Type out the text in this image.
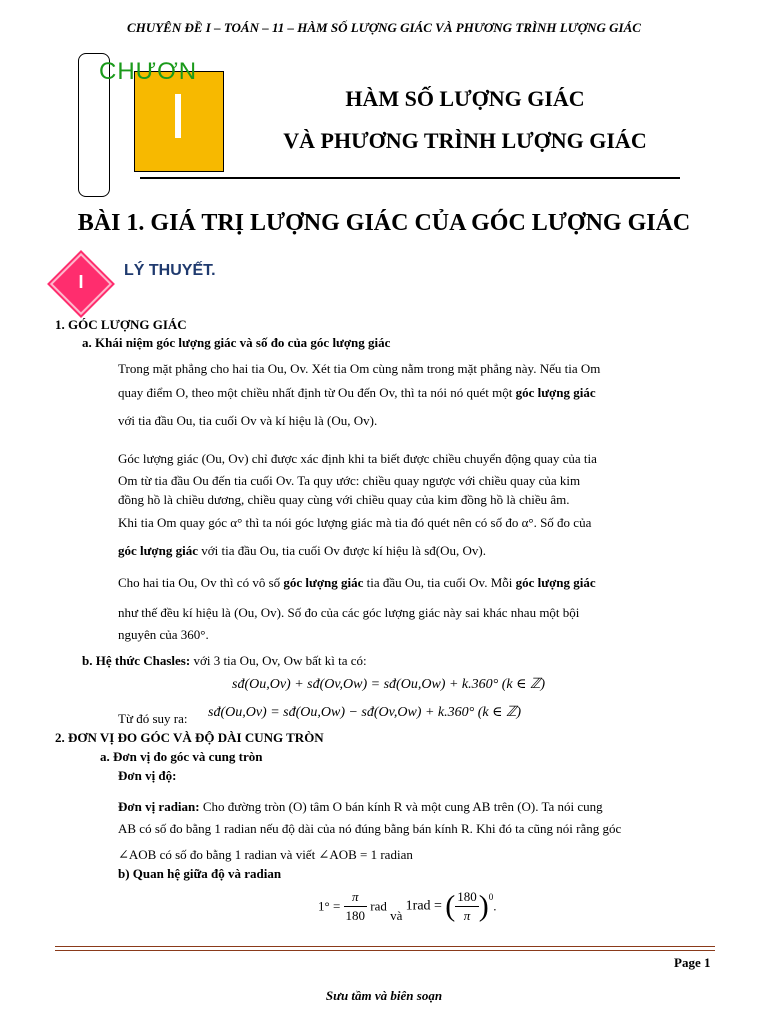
CHUYÊN ĐỀ I – TOÁN – 11 – HÀM SỐ LƯỢNG GIÁC VÀ PHƯƠNG TRÌNH LƯỢNG GIÁC
I
CHƯƠN
HÀM SỐ LƯỢNG GIÁC
VÀ PHƯƠNG TRÌNH LƯỢNG GIÁC
BÀI 1. GIÁ TRỊ LƯỢNG GIÁC CỦA GÓC LƯỢNG GIÁC
I
LÝ THUYẾT.
1. GÓC LƯỢNG GIÁC
a. Khái niệm góc lượng giác và số đo của góc lượng giác
Trong mặt phẳng cho hai tia Ou, Ov. Xét tia Om cùng nằm trong mặt phẳng này. Nếu tia Om
quay điểm O, theo một chiều nhất định từ Ou đến Ov, thì ta nói nó quét một góc lượng giác
với tia đầu Ou, tia cuối Ov và kí hiệu là (Ou, Ov).
Góc lượng giác (Ou, Ov) chỉ được xác định khi ta biết được chiều chuyển động quay của tia
Om từ tia đầu Ou đến tia cuối Ov. Ta quy ước: chiều quay ngược với chiều quay của kim
đồng hồ là chiều dương, chiều quay cùng với chiều quay của kim đồng hồ là chiều âm.
Khi tia Om quay góc α° thì ta nói góc lượng giác mà tia đó quét nên có số đo α°. Số đo của
góc lượng giác với tia đầu Ou, tia cuối Ov được kí hiệu là sđ(Ou, Ov).
Cho hai tia Ou, Ov thì có vô số góc lượng giác tia đầu Ou, tia cuối Ov. Mỗi góc lượng giác
như thế đều kí hiệu là (Ou, Ov). Số đo của các góc lượng giác này sai khác nhau một bội
nguyên của 360°.
b. Hệ thức Chasles: với 3 tia Ou, Ov, Ow bất kì ta có:
sđ(Ou,Ov) + sđ(Ov,Ow) = sđ(Ou,Ow) + k.360° (k ∈ ℤ)
Từ đó suy ra: sđ(Ou,Ov) = sđ(Ou,Ow) − sđ(Ov,Ow) + k.360° (k ∈ ℤ)
2. ĐƠN VỊ ĐO GÓC VÀ ĐỘ DÀI CUNG TRÒN
a. Đơn vị đo góc và cung tròn
Đơn vị độ:
Đơn vị radian: Cho đường tròn (O) tâm O bán kính R và một cung AB trên (O). Ta nói cung
AB có số đo bằng 1 radian nếu độ dài của nó đúng bằng bán kính R. Khi đó ta cũng nói rằng góc
∠AOB có số đo bằng 1 radian và viết ∠AOB = 1 radian
b) Quan hệ giữa độ và radian
$1^\circ = \frac{\pi}{180}$ rad và 1rad = ( $\frac{180}{\pi} )^0$.
Page 1
Sưu tầm và biên soạn
